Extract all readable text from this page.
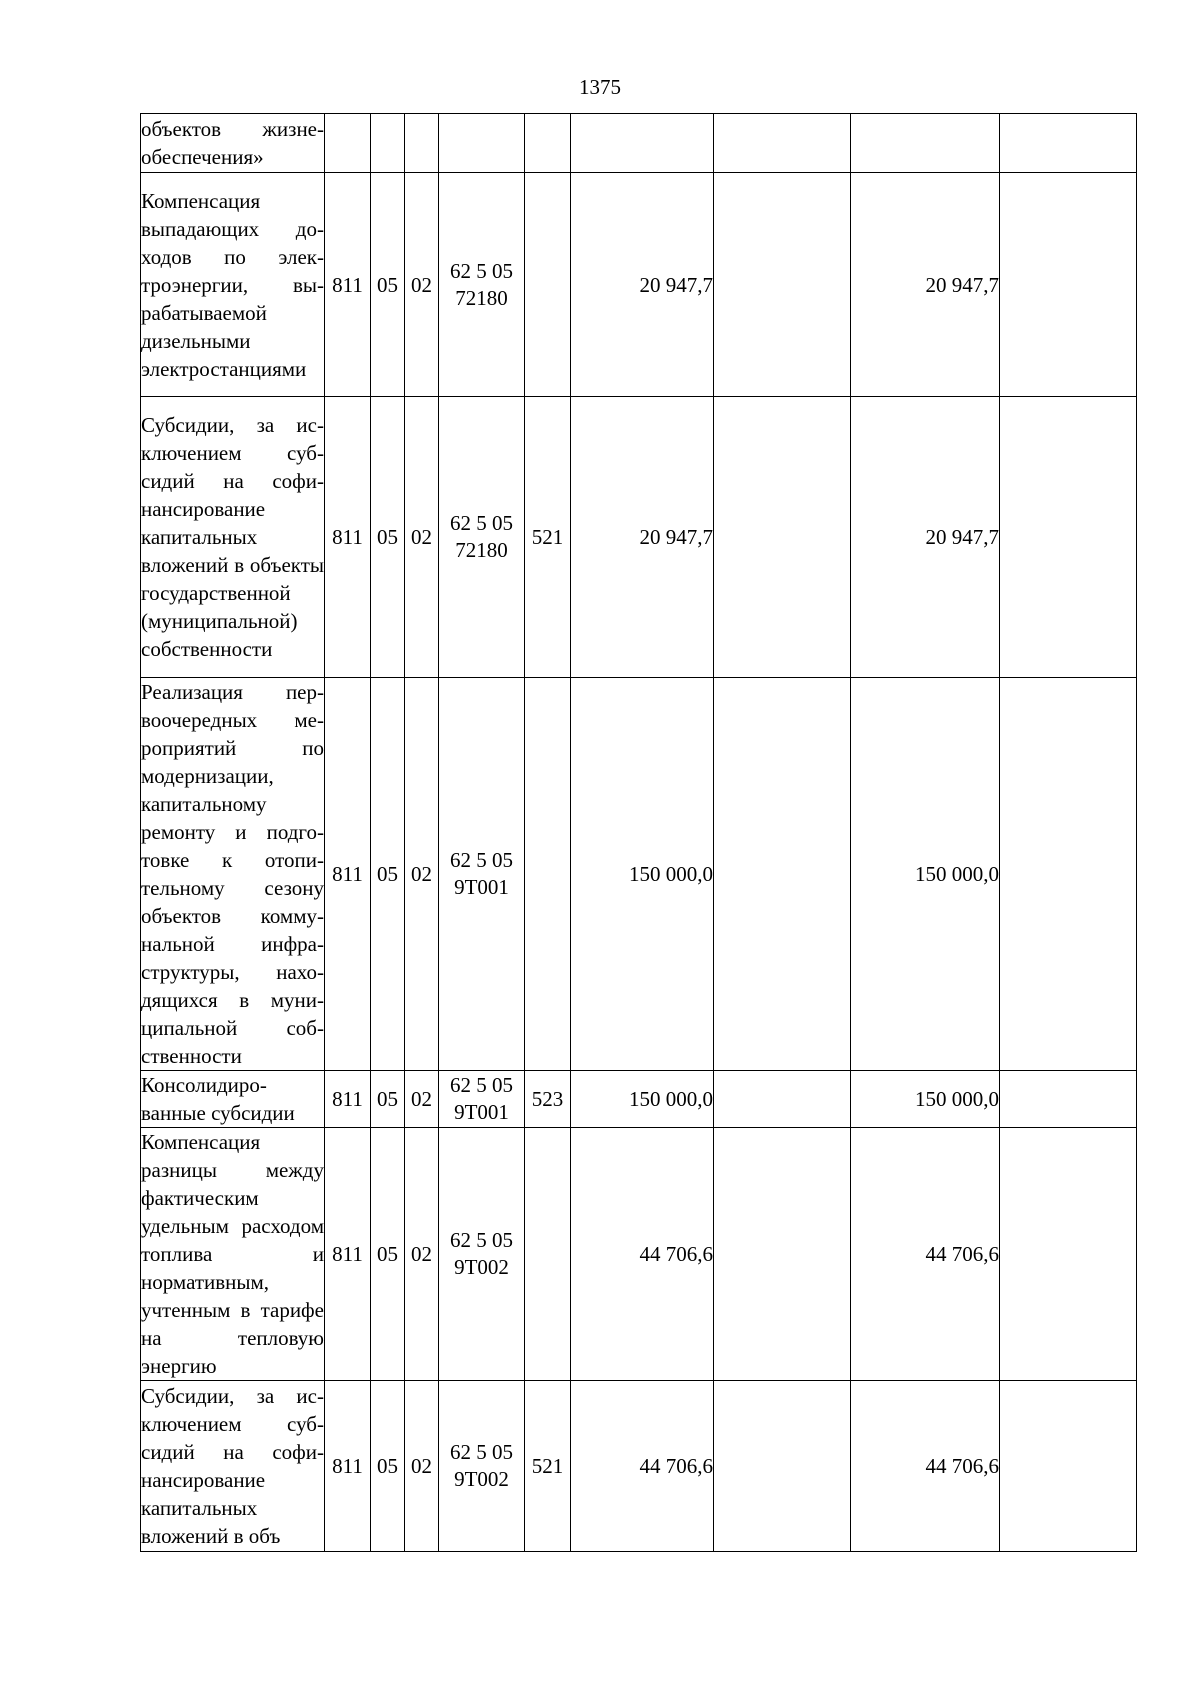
1375
объектов жизнеобеспечения»									

Компенсация выпадающих доходов по электроэнергии, вырабатываемой дизельными электростанциями	811	05	02	62 5 05 72180		20 947,7		20 947,7	

Субсидии, за исключением субсидий на софинансирование капитальных вложений в объекты государственной (муниципальной) собственности	811	05	02	62 5 05 72180	521	20 947,7		20 947,7	

Реализация первоочередных мероприятий по модернизации, капитальному ремонту и подготовке к отопительному сезону объектов коммунальной инфраструктуры, находящихся в муниципальной собственности	811	05	02	62 5 05 9Т001		150 000,0		150 000,0	

Консолидированные субсидии	811	05	02	62 5 05 9Т001	523	150 000,0		150 000,0	

Компенсация разницы между фактическим удельным расходом топлива и нормативным, учтенным в тарифе на тепловую энергию	811	05	02	62 5 05 9Т002		44 706,6		44 706,6	

Субсидии, за исключением субсидий на софинансирование капитальных вложений в объ	811	05	02	62 5 05 9Т002	521	44 706,6		44 706,6	
